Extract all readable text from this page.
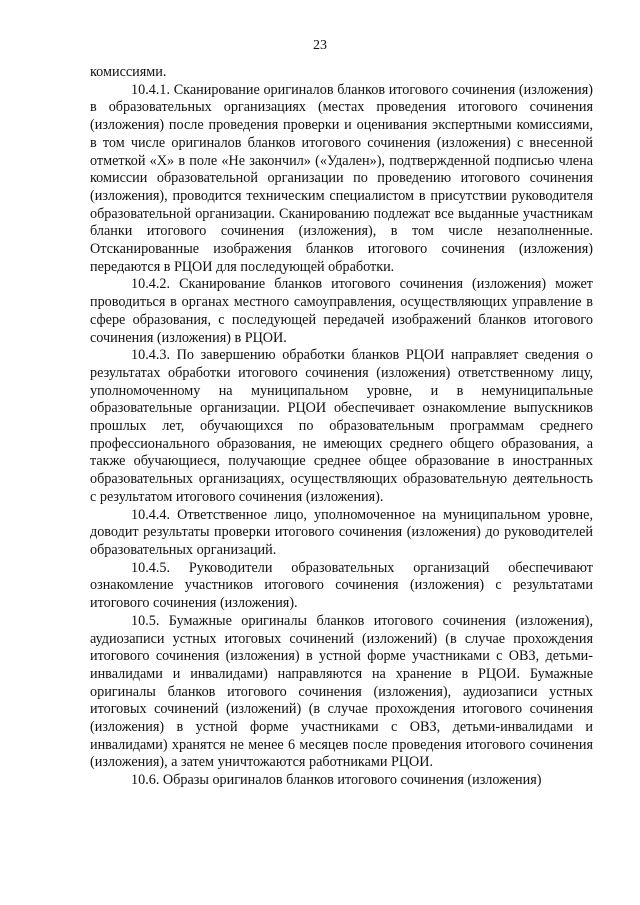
23

комиссиями.

10.4.1. Сканирование оригиналов бланков итогового сочинения (изложения) в образовательных организациях (местах проведения итогового сочинения (изложения) после проведения проверки и оценивания экспертными комиссиями, в том числе оригиналов бланков итогового сочинения (изложения) с внесенной отметкой «X» в поле «Не закончил» («Удален»), подтвержденной подписью члена комиссии образовательной организации по проведению итогового сочинения (изложения), проводится техническим специалистом в присутствии руководителя образовательной организации. Сканированию подлежат все выданные участникам бланки итогового сочинения (изложения), в том числе незаполненные. Отсканированные изображения бланков итогового сочинения (изложения) передаются в РЦОИ для последующей обработки.

10.4.2. Сканирование бланков итогового сочинения (изложения) может проводиться в органах местного самоуправления, осуществляющих управление в сфере образования, с последующей передачей изображений бланков итогового сочинения (изложения) в РЦОИ.

10.4.3. По завершению обработки бланков РЦОИ направляет сведения о результатах обработки итогового сочинения (изложения) ответственному лицу, уполномоченному на муниципальном уровне, и в немуниципальные образовательные организации. РЦОИ обеспечивает ознакомление выпускников прошлых лет, обучающихся по образовательным программам среднего профессионального образования, не имеющих среднего общего образования, а также обучающиеся, получающие среднее общее образование в иностранных образовательных организациях, осуществляющих образовательную деятельность с результатом итогового сочинения (изложения).

10.4.4. Ответственное лицо, уполномоченное на муниципальном уровне, доводит результаты проверки итогового сочинения (изложения) до руководителей образовательных организаций.

10.4.5. Руководители образовательных организаций обеспечивают ознакомление участников итогового сочинения (изложения) с результатами итогового сочинения (изложения).

10.5. Бумажные оригиналы бланков итогового сочинения (изложения), аудиозаписи устных итоговых сочинений (изложений) (в случае прохождения итогового сочинения (изложения) в устной форме участниками с ОВЗ, детьми-инвалидами и инвалидами) направляются на хранение в РЦОИ. Бумажные оригиналы бланков итогового сочинения (изложения), аудиозаписи устных итоговых сочинений (изложений) (в случае прохождения итогового сочинения (изложения) в устной форме участниками с ОВЗ, детьми-инвалидами и инвалидами) хранятся не менее 6 месяцев после проведения итогового сочинения (изложения), а затем уничтожаются работниками РЦОИ.

10.6. Образы оригиналов бланков итогового сочинения (изложения)
